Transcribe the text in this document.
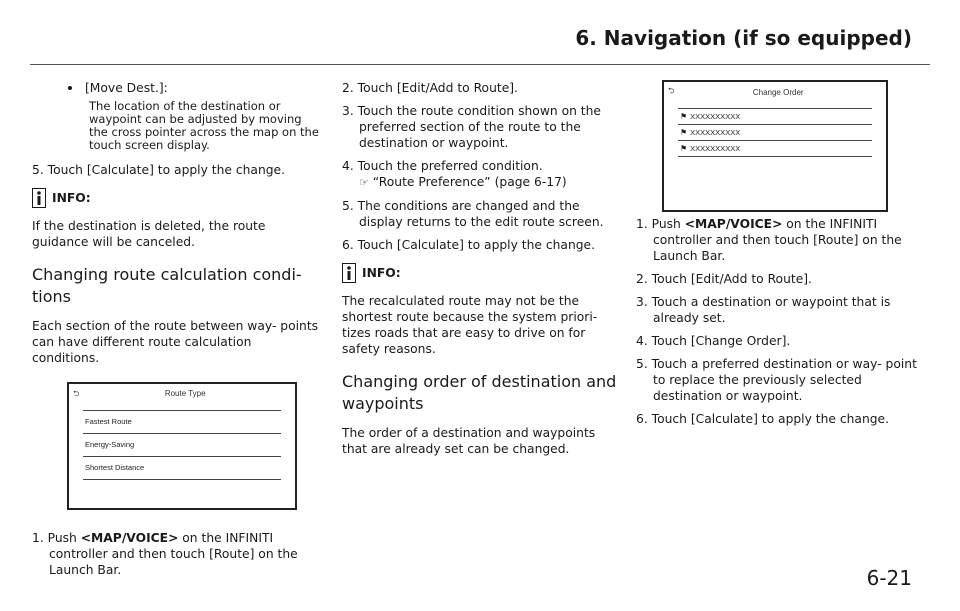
6. Navigation (if so equipped)

[Move Dest.]:

The location of the destination or waypoint can be adjusted by moving the cross pointer across the map on the touch screen display.

5. Touch [Calculate] to apply the change.

INFO:

If the destination is deleted, the route guidance will be canceled.

Changing route calculation condi- tions

Each section of the route between way- points can have different route calculation conditions.

⮌	Route Type
Fastest Route
Energy-Saving
Shortest Distance

1. Push <MAP/VOICE> on the INFINITI controller and then touch [Route] on the Launch Bar.

2. Touch [Edit/Add to Route].

3. Touch the route condition shown on the preferred section of the route to the destination or waypoint.

4. Touch the preferred condition.

☞ “Route Preference” (page 6-17)

5. The conditions are changed and the display returns to the edit route screen.

6. Touch [Calculate] to apply the change.

INFO:

The recalculated route may not be the shortest route because the system priori- tizes roads that are easy to drive on for safety reasons.

Changing order of destination and waypoints

The order of a destination and waypoints that are already set can be changed.

⮌	Change Order
⚑ XXXXXXXXXX
⚑ XXXXXXXXXX
⚑ XXXXXXXXXX

1. Push <MAP/VOICE> on the INFINITI controller and then touch [Route] on the Launch Bar.

2. Touch [Edit/Add to Route].

3. Touch a destination or waypoint that is already set.

4. Touch [Change Order].

5. Touch a preferred destination or way- point to replace the previously selected destination or waypoint.

6. Touch [Calculate] to apply the change.

6-21
